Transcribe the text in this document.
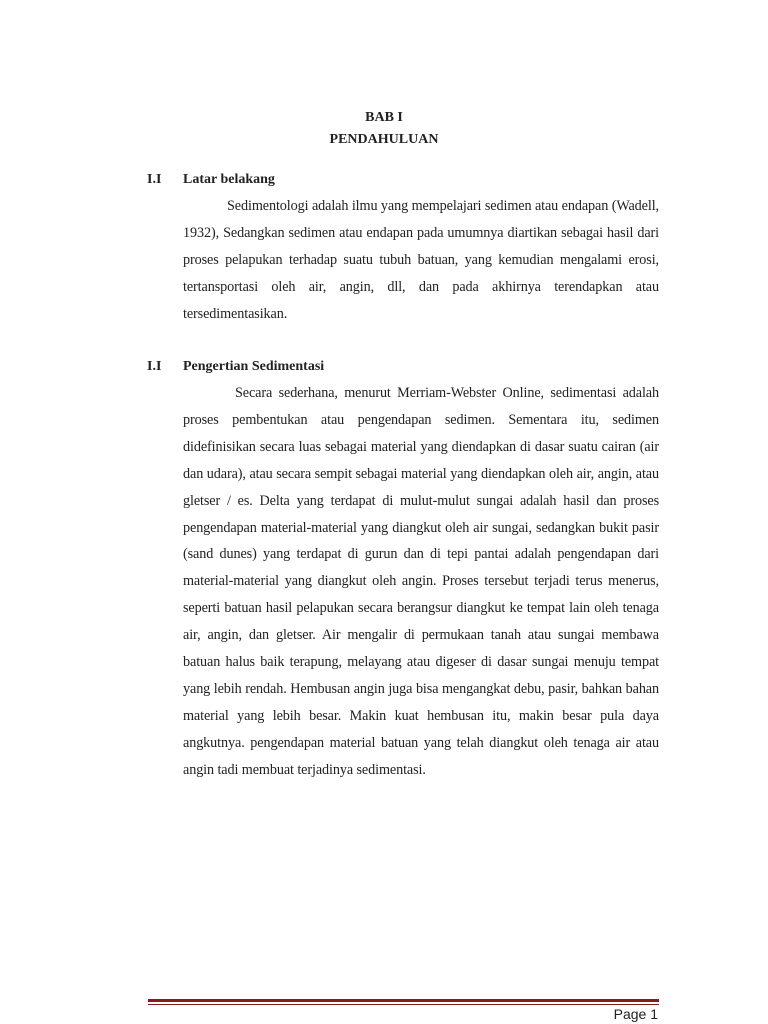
BAB I
PENDAHULUAN
I.I Latar belakang

Sedimentologi adalah ilmu yang mempelajari sedimen atau endapan (Wadell, 1932), Sedangkan sedimen atau endapan pada umumnya diartikan sebagai hasil dari proses pelapukan terhadap suatu tubuh batuan, yang kemudian mengalami erosi, tertansportasi oleh air, angin, dll, dan pada akhirnya terendapkan atau tersedimentasikan.

I.I Pengertian Sedimentasi

Secara sederhana, menurut Merriam-Webster Online, sedimentasi adalah proses pembentukan atau pengendapan sedimen. Sementara itu, sedimen didefinisikan secara luas sebagai material yang diendapkan di dasar suatu cairan (air dan udara), atau secara sempit sebagai material yang diendapkan oleh air, angin, atau gletser / es. Delta yang terdapat di mulut-mulut sungai adalah hasil dan proses pengendapan material-material yang diangkut oleh air sungai, sedangkan bukit pasir (sand dunes) yang terdapat di gurun dan di tepi pantai adalah pengendapan dari material-material yang diangkut oleh angin. Proses tersebut terjadi terus menerus, seperti batuan hasil pelapukan secara berangsur diangkut ke tempat lain oleh tenaga air, angin, dan gletser. Air mengalir di permukaan tanah atau sungai membawa batuan halus baik terapung, melayang atau digeser di dasar sungai menuju tempat yang lebih rendah. Hembusan angin juga bisa mengangkat debu, pasir, bahkan bahan material yang lebih besar. Makin kuat hembusan itu, makin besar pula daya angkutnya. pengendapan material batuan yang telah diangkut oleh tenaga air atau angin tadi membuat terjadinya sedimentasi.

Page 1
